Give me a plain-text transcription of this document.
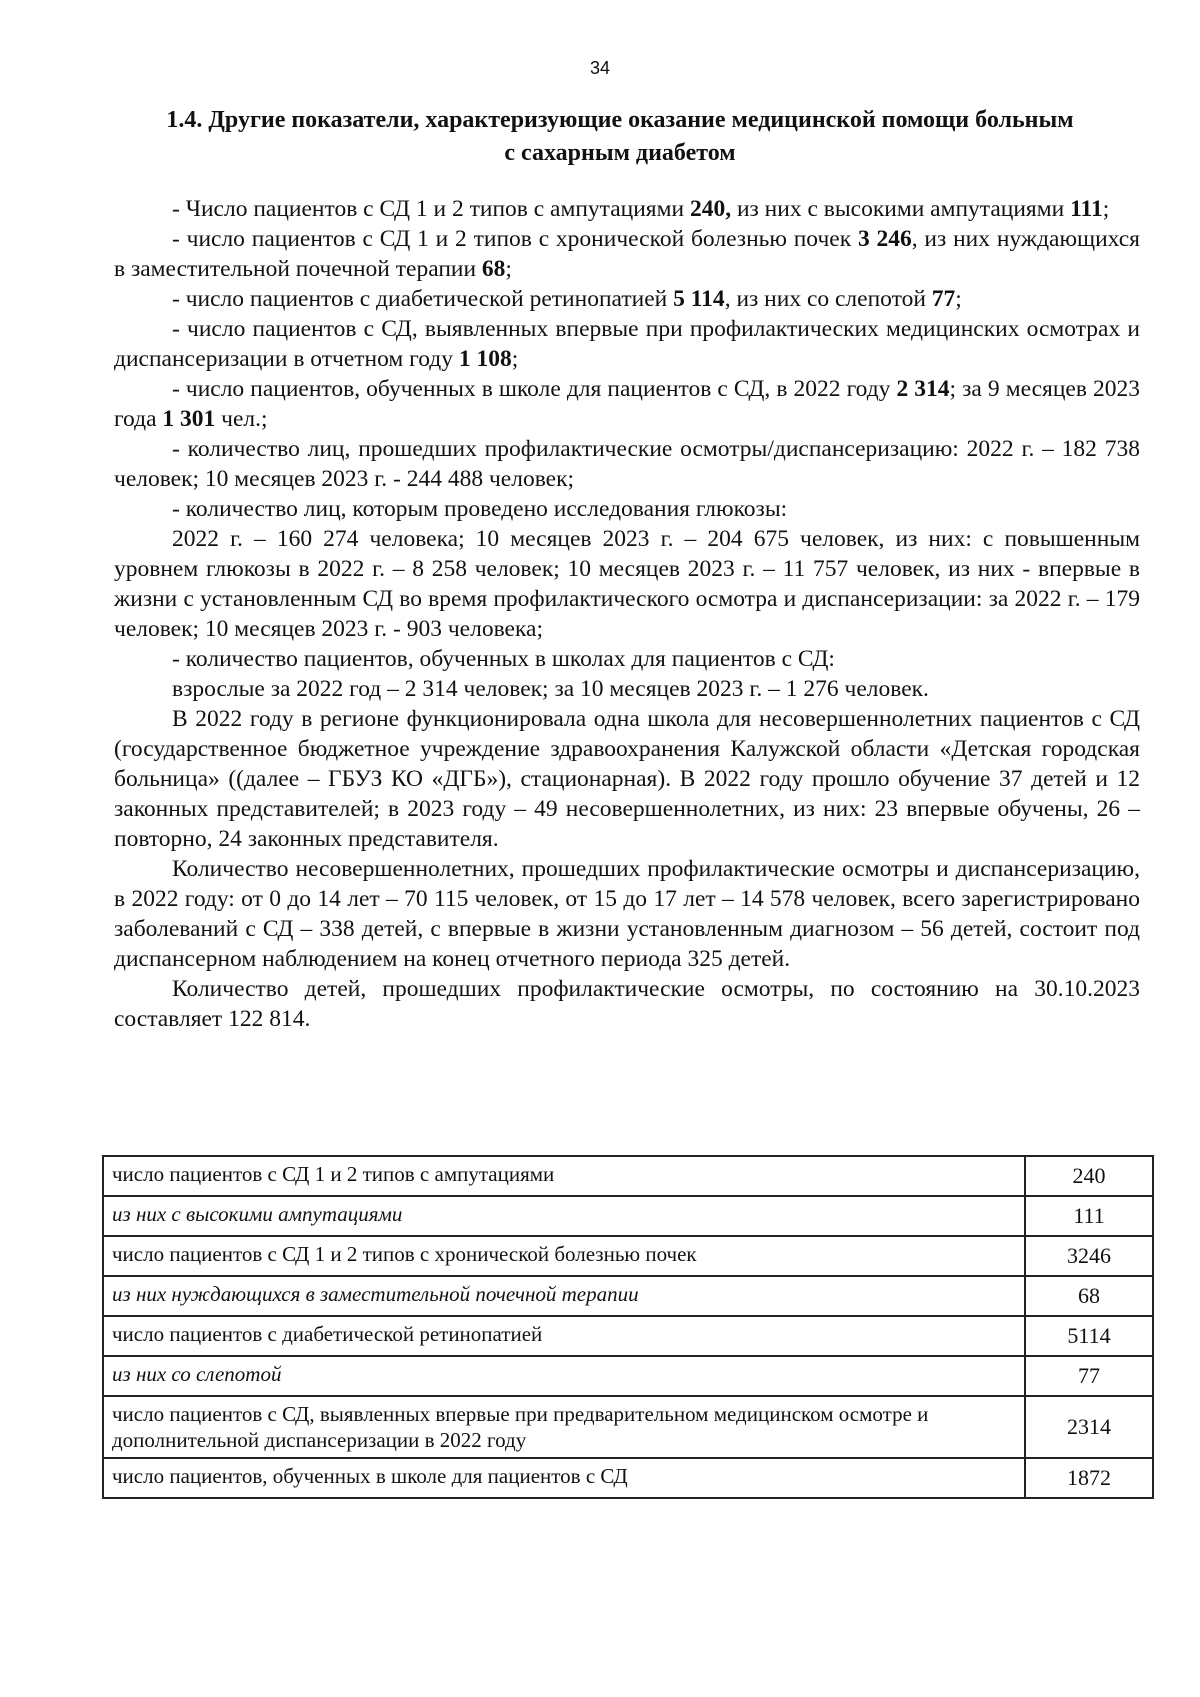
34
1.4. Другие показатели, характеризующие оказание медицинской помощи больным
с сахарным диабетом

- Число пациентов с СД 1 и 2 типов с ампутациями 240, из них с высокими ампутациями 111;

- число пациентов с СД 1 и 2 типов с хронической болезнью почек 3 246, из них нуждающихся в заместительной почечной терапии 68;

- число пациентов с диабетической ретинопатией 5 114, из них со слепотой 77;

- число пациентов с СД, выявленных впервые при профилактических медицинских осмотрах и диспансеризации в отчетном году 1 108;

- число пациентов, обученных в школе для пациентов с СД, в 2022 году 2 314; за 9 месяцев 2023 года 1 301 чел.;

- количество лиц, прошедших профилактические осмотры/диспансеризацию: 2022 г. – 182 738 человек; 10 месяцев 2023 г. - 244 488 человек;

- количество лиц, которым проведено исследования глюкозы:

2022 г. – 160 274 человека; 10 месяцев 2023 г. – 204 675 человек, из них: с повышенным уровнем глюкозы в 2022 г. – 8 258 человек; 10 месяцев 2023 г. – 11 757 человек, из них - впервые в жизни с установленным СД во время профилактического осмотра и диспансеризации: за 2022 г. – 179 человек; 10 месяцев 2023 г. - 903 человека;

- количество пациентов, обученных в школах для пациентов с СД:

взрослые за 2022 год – 2 314 человек; за 10 месяцев 2023 г. – 1 276 человек.

В 2022 году в регионе функционировала одна школа для несовершеннолетних пациентов с СД (государственное бюджетное учреждение здравоохранения Калужской области «Детская городская больница» ((далее – ГБУЗ КО «ДГБ»), стационарная). В 2022 году прошло обучение 37 детей и 12 законных представителей; в 2023 году – 49 несовершеннолетних, из них: 23 впервые обучены, 26 – повторно, 24 законных представителя.

Количество несовершеннолетних, прошедших профилактические осмотры и диспансеризацию, в 2022 году: от 0 до 14 лет – 70 115 человек, от 15 до 17 лет – 14 578 человек, всего зарегистрировано заболеваний с СД – 338 детей, с впервые в жизни установленным диагнозом – 56 детей, состоит под диспансерном наблюдением на конец отчетного периода 325 детей.

Количество детей, прошедших профилактические осмотры, по состоянию на 30.10.2023 составляет 122 814.

число пациентов с СД 1 и 2 типов с ампутациями	240
из них с высокими ампутациями	111
число пациентов с СД 1 и 2 типов с хронической болезнью почек	3246
из них нуждающихся в заместительной почечной терапии	68
число пациентов с диабетической ретинопатией	5114
из них со слепотой	77
число пациентов с СД, выявленных впервые при предварительном медицинском осмотре и дополнительной диспансеризации в 2022 году	2314
число пациентов, обученных в школе для пациентов с СД	1872
